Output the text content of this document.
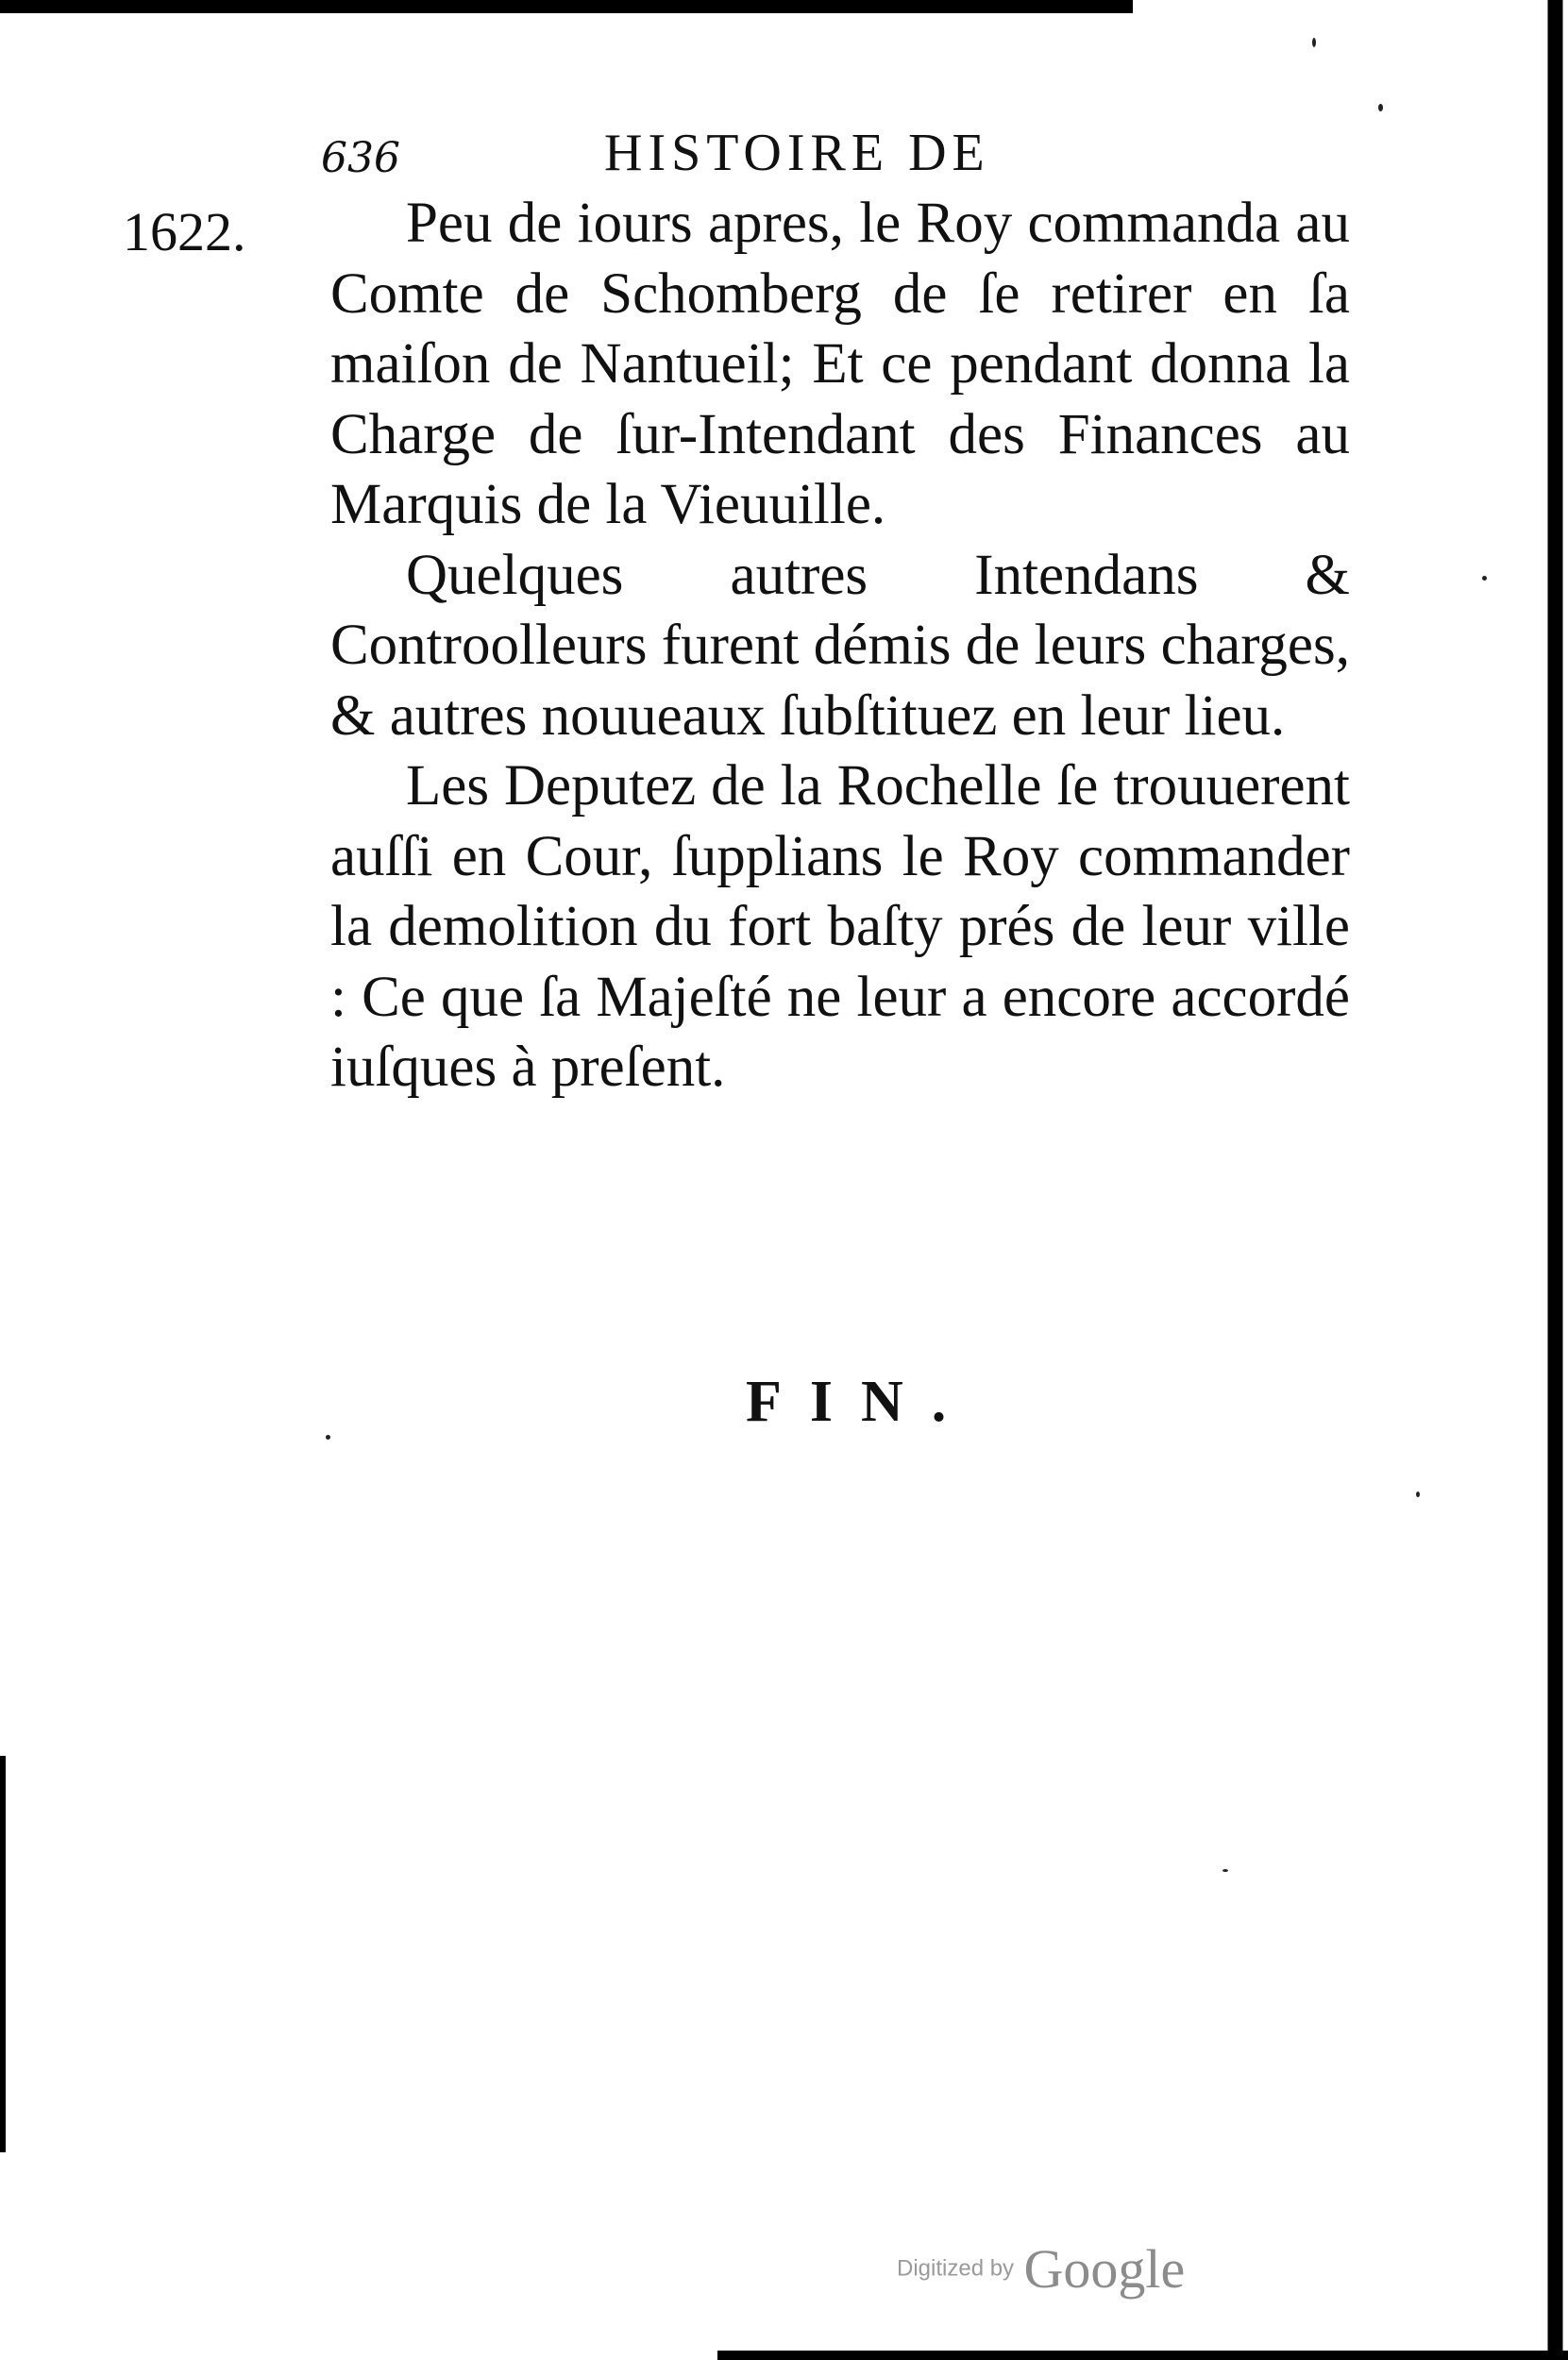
636	HISTOIRE DE
1622.	Peu de iours apres, le Roy commanda au Comte de Schomberg de ſe retirer en ſa maiſon de Nantueil; Et ce pendant donna la Charge de ſur-Intendant des Finances au Marquis de la Vieuuille.

Quelques autres Intendans & Controolleurs furent démis de leurs charges, & autres nouueaux ſubſtituez en leur lieu.

Les Deputez de la Rochelle ſe trouuerent auſſi en Cour, ſupplians le Roy commander la demolition du fort baſty prés de leur ville : Ce que ſa Majeſté ne leur a encore accordé iuſques à preſent.

FIN.
Digitized by Google
